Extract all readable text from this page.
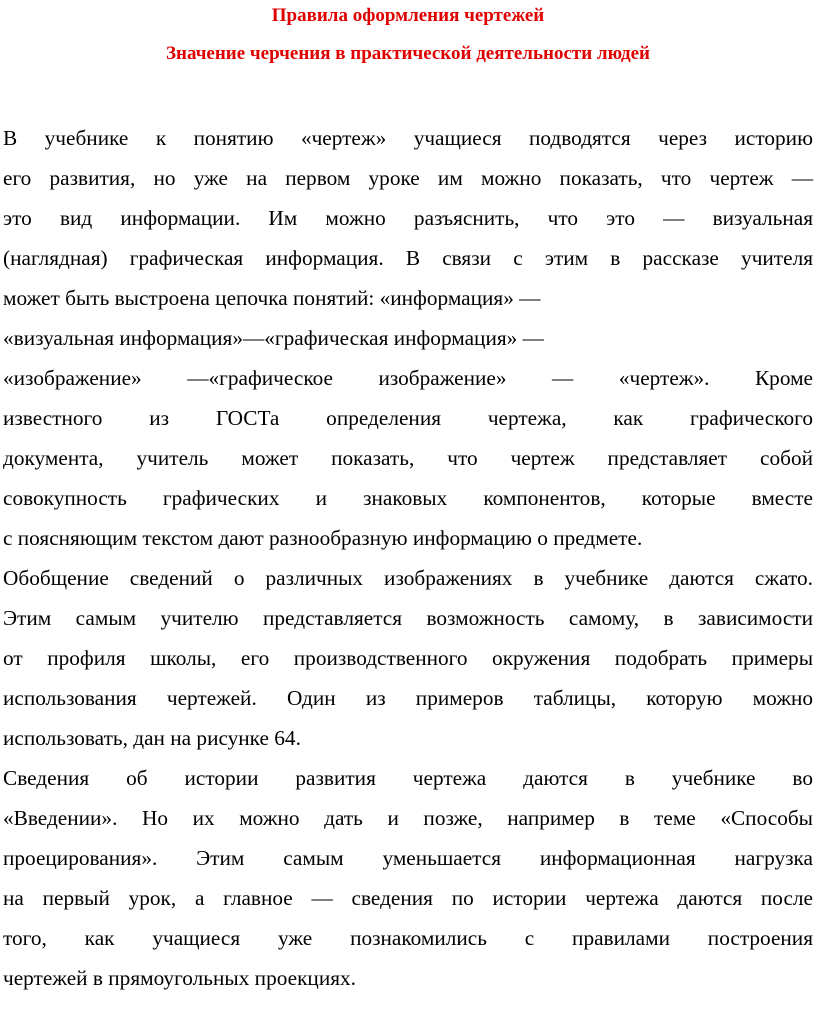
Правила оформления чертежей
Значение черчения в практической деятельности людей

В учебнике к понятию «чертеж» учащиеся подводятся через историю
его развития, но уже на первом уроке им можно показать, что чертеж —
это вид информации. Им можно разъяснить, что это — визуальная
(наглядная) графическая информация. В связи с этим в рассказе учителя
может быть выстроена цепочка понятий: «информация» —
«визуальная информация»—«графическая информация» —
«изображение» —«графическое изображение» — «чертеж». Кроме
известного из ГОСТа определения чертежа, как графического
документа, учитель может показать, что чертеж представляет собой
совокупность графических и знаковых компонентов, которые вместе
с поясняющим текстом дают разнообразную информацию о предмете.

Обобщение сведений о различных изображениях в учебнике даются сжато.
Этим самым учителю представляется возможность самому, в зависимости
от профиля школы, его производственного окружения подобрать примеры
использования чертежей. Один из примеров таблицы, которую можно
использовать, дан на рисунке 64.

Сведения об истории развития чертежа даются в учебнике во
«Введении». Но их можно дать и позже, например в теме «Способы
проецирования». Этим самым уменьшается информационная нагрузка
на первый урок, а главное — сведения по истории чертежа даются после
того, как учащиеся уже познакомились с правилами построения
чертежей в прямоугольных проекциях.
